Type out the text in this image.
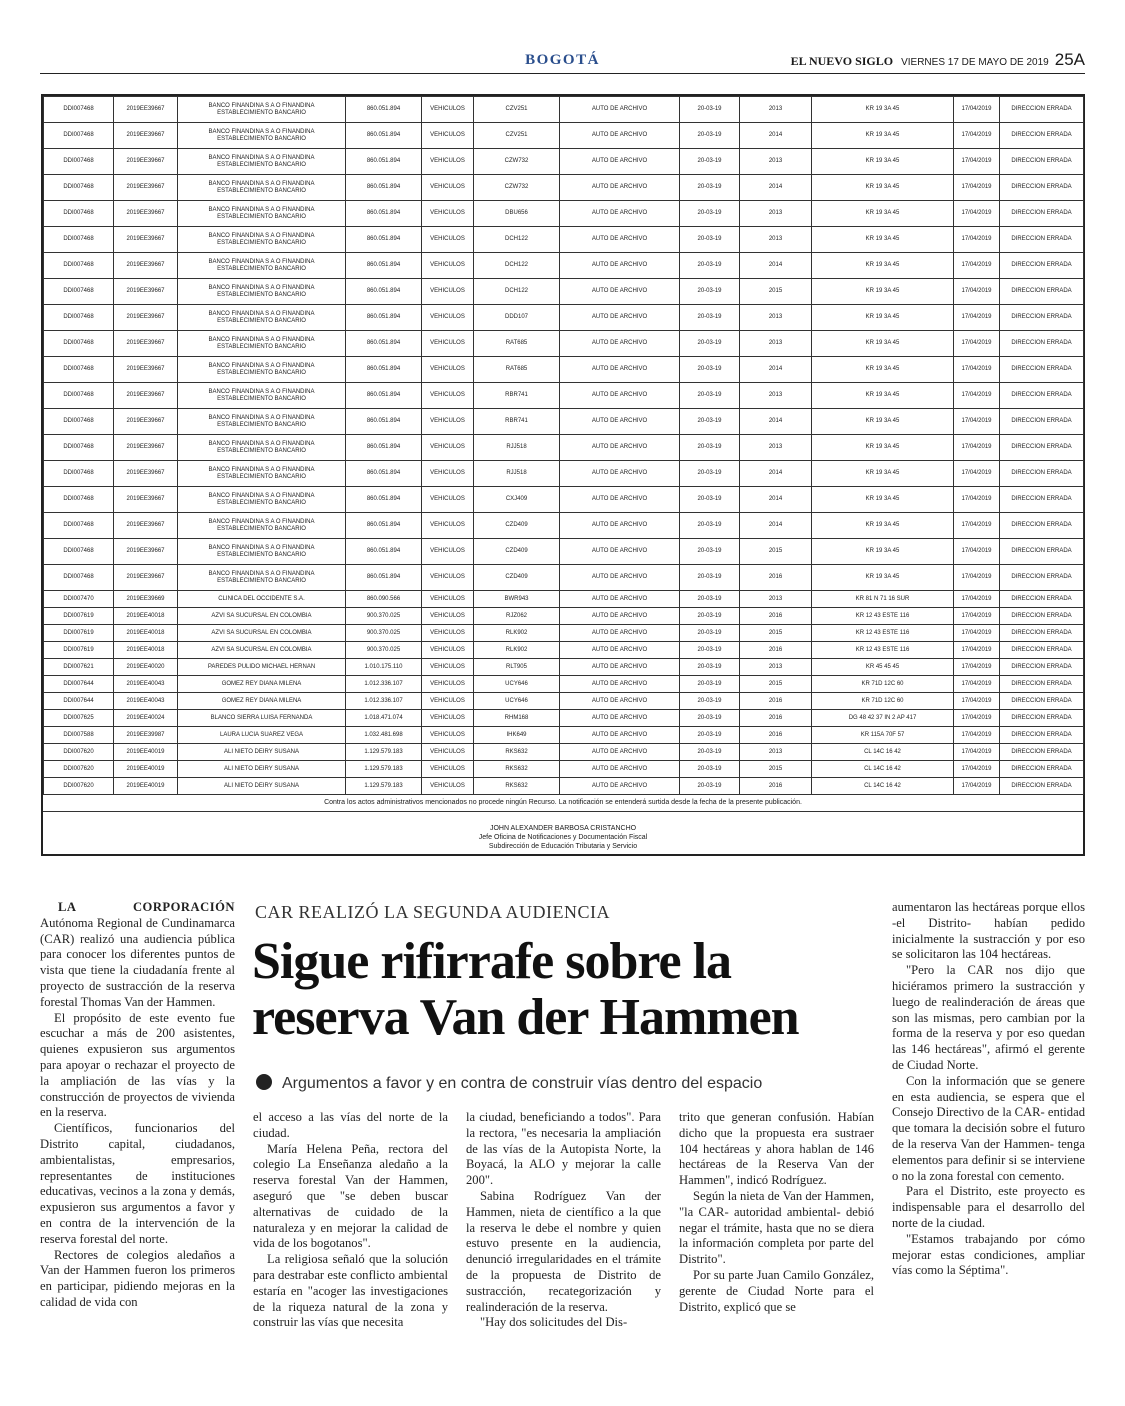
BOGOTÁ	EL NUEVO SIGLO VIERNES 17 DE MAYO DE 2019 25A
DDI007468	2019EE39667	BANCO FINANDINA S A O FINANDINA ESTABLECIMIENTO BANCARIO	860.051.894	VEHICULOS	CZV251	AUTO DE ARCHIVO	20-03-19	2013	KR 19 3A 45	17/04/2019	DIRECCION ERRADA
DDI007468	2019EE39667	BANCO FINANDINA S A O FINANDINA ESTABLECIMIENTO BANCARIO	860.051.894	VEHICULOS	CZV251	AUTO DE ARCHIVO	20-03-19	2014	KR 19 3A 45	17/04/2019	DIRECCION ERRADA
DDI007468	2019EE39667	BANCO FINANDINA S A O FINANDINA ESTABLECIMIENTO BANCARIO	860.051.894	VEHICULOS	CZW732	AUTO DE ARCHIVO	20-03-19	2013	KR 19 3A 45	17/04/2019	DIRECCION ERRADA
DDI007468	2019EE39667	BANCO FINANDINA S A O FINANDINA ESTABLECIMIENTO BANCARIO	860.051.894	VEHICULOS	CZW732	AUTO DE ARCHIVO	20-03-19	2014	KR 19 3A 45	17/04/2019	DIRECCION ERRADA
DDI007468	2019EE39667	BANCO FINANDINA S A O FINANDINA ESTABLECIMIENTO BANCARIO	860.051.894	VEHICULOS	DBU656	AUTO DE ARCHIVO	20-03-19	2013	KR 19 3A 45	17/04/2019	DIRECCION ERRADA
DDI007468	2019EE39667	BANCO FINANDINA S A O FINANDINA ESTABLECIMIENTO BANCARIO	860.051.894	VEHICULOS	DCH122	AUTO DE ARCHIVO	20-03-19	2013	KR 19 3A 45	17/04/2019	DIRECCION ERRADA
DDI007468	2019EE39667	BANCO FINANDINA S A O FINANDINA ESTABLECIMIENTO BANCARIO	860.051.894	VEHICULOS	DCH122	AUTO DE ARCHIVO	20-03-19	2014	KR 19 3A 45	17/04/2019	DIRECCION ERRADA
DDI007468	2019EE39667	BANCO FINANDINA S A O FINANDINA ESTABLECIMIENTO BANCARIO	860.051.894	VEHICULOS	DCH122	AUTO DE ARCHIVO	20-03-19	2015	KR 19 3A 45	17/04/2019	DIRECCION ERRADA
DDI007468	2019EE39667	BANCO FINANDINA S A O FINANDINA ESTABLECIMIENTO BANCARIO	860.051.894	VEHICULOS	DDD107	AUTO DE ARCHIVO	20-03-19	2013	KR 19 3A 45	17/04/2019	DIRECCION ERRADA
DDI007468	2019EE39667	BANCO FINANDINA S A O FINANDINA ESTABLECIMIENTO BANCARIO	860.051.894	VEHICULOS	RAT685	AUTO DE ARCHIVO	20-03-19	2013	KR 19 3A 45	17/04/2019	DIRECCION ERRADA
DDI007468	2019EE39667	BANCO FINANDINA S A O FINANDINA ESTABLECIMIENTO BANCARIO	860.051.894	VEHICULOS	RAT685	AUTO DE ARCHIVO	20-03-19	2014	KR 19 3A 45	17/04/2019	DIRECCION ERRADA
DDI007468	2019EE39667	BANCO FINANDINA S A O FINANDINA ESTABLECIMIENTO BANCARIO	860.051.894	VEHICULOS	RBR741	AUTO DE ARCHIVO	20-03-19	2013	KR 19 3A 45	17/04/2019	DIRECCION ERRADA
DDI007468	2019EE39667	BANCO FINANDINA S A O FINANDINA ESTABLECIMIENTO BANCARIO	860.051.894	VEHICULOS	RBR741	AUTO DE ARCHIVO	20-03-19	2014	KR 19 3A 45	17/04/2019	DIRECCION ERRADA
DDI007468	2019EE39667	BANCO FINANDINA S A O FINANDINA ESTABLECIMIENTO BANCARIO	860.051.894	VEHICULOS	RJJ518	AUTO DE ARCHIVO	20-03-19	2013	KR 19 3A 45	17/04/2019	DIRECCION ERRADA
DDI007468	2019EE39667	BANCO FINANDINA S A O FINANDINA ESTABLECIMIENTO BANCARIO	860.051.894	VEHICULOS	RJJ518	AUTO DE ARCHIVO	20-03-19	2014	KR 19 3A 45	17/04/2019	DIRECCION ERRADA
DDI007468	2019EE39667	BANCO FINANDINA S A O FINANDINA ESTABLECIMIENTO BANCARIO	860.051.894	VEHICULOS	CXJ409	AUTO DE ARCHIVO	20-03-19	2014	KR 19 3A 45	17/04/2019	DIRECCION ERRADA
DDI007468	2019EE39667	BANCO FINANDINA S A O FINANDINA ESTABLECIMIENTO BANCARIO	860.051.894	VEHICULOS	CZD409	AUTO DE ARCHIVO	20-03-19	2014	KR 19 3A 45	17/04/2019	DIRECCION ERRADA
DDI007468	2019EE39667	BANCO FINANDINA S A O FINANDINA ESTABLECIMIENTO BANCARIO	860.051.894	VEHICULOS	CZD409	AUTO DE ARCHIVO	20-03-19	2015	KR 19 3A 45	17/04/2019	DIRECCION ERRADA
DDI007468	2019EE39667	BANCO FINANDINA S A O FINANDINA ESTABLECIMIENTO BANCARIO	860.051.894	VEHICULOS	CZD409	AUTO DE ARCHIVO	20-03-19	2016	KR 19 3A 45	17/04/2019	DIRECCION ERRADA
DDI007470	2019EE39669	CLINICA DEL OCCIDENTE S.A.	860.090.566	VEHICULOS	BWR943	AUTO DE ARCHIVO	20-03-19	2013	KR 81 N 71 16 SUR	17/04/2019	DIRECCION ERRADA
DDI007619	2019EE40018	AZVI SA SUCURSAL EN COLOMBIA	900.370.025	VEHICULOS	RJZ062	AUTO DE ARCHIVO	20-03-19	2016	KR 12 43 ESTE 116	17/04/2019	DIRECCION ERRADA
DDI007619	2019EE40018	AZVI SA SUCURSAL EN COLOMBIA	900.370.025	VEHICULOS	RLK902	AUTO DE ARCHIVO	20-03-19	2015	KR 12 43 ESTE 116	17/04/2019	DIRECCION ERRADA
DDI007619	2019EE40018	AZVI SA SUCURSAL EN COLOMBIA	900.370.025	VEHICULOS	RLK902	AUTO DE ARCHIVO	20-03-19	2016	KR 12 43 ESTE 116	17/04/2019	DIRECCION ERRADA
DDI007621	2019EE40020	PAREDES PULIDO MICHAEL HERNAN	1.010.175.110	VEHICULOS	RLT905	AUTO DE ARCHIVO	20-03-19	2013	KR 45 45 45	17/04/2019	DIRECCION ERRADA
DDI007644	2019EE40043	GOMEZ REY DIANA MILENA	1.012.336.107	VEHICULOS	UCY646	AUTO DE ARCHIVO	20-03-19	2015	KR 71D 12C 60	17/04/2019	DIRECCION ERRADA
DDI007644	2019EE40043	GOMEZ REY DIANA MILENA	1.012.336.107	VEHICULOS	UCY646	AUTO DE ARCHIVO	20-03-19	2016	KR 71D 12C 60	17/04/2019	DIRECCION ERRADA
DDI007625	2019EE40024	BLANCO SIERRA LUISA FERNANDA	1.018.471.074	VEHICULOS	RHM168	AUTO DE ARCHIVO	20-03-19	2016	DG 48 42 37 IN 2 AP 417	17/04/2019	DIRECCION ERRADA
DDI007588	2019EE39987	LAURA LUCIA SUAREZ VEGA	1.032.481.698	VEHICULOS	IHK649	AUTO DE ARCHIVO	20-03-19	2016	KR 115A 70F 57	17/04/2019	DIRECCION ERRADA
DDI007620	2019EE40019	ALI NIETO DEIRY SUSANA	1.129.579.183	VEHICULOS	RKS632	AUTO DE ARCHIVO	20-03-19	2013	CL 14C 16 42	17/04/2019	DIRECCION ERRADA
DDI007620	2019EE40019	ALI NIETO DEIRY SUSANA	1.129.579.183	VEHICULOS	RKS632	AUTO DE ARCHIVO	20-03-19	2015	CL 14C 16 42	17/04/2019	DIRECCION ERRADA
DDI007620	2019EE40019	ALI NIETO DEIRY SUSANA	1.129.579.183	VEHICULOS	RKS632	AUTO DE ARCHIVO	20-03-19	2016	CL 14C 16 42	17/04/2019	DIRECCION ERRADA
Contra los actos administrativos mencionados no procede ningún Recurso. La notificación se entenderá surtida desde la fecha de la presente publicación.
JOHN ALEXANDER BARBOSA CRISTANCHO
Jefe Oficina de Notificaciones y Documentación Fiscal
Subdirección de Educación Tributaria y Servicio
CAR REALIZÓ LA SEGUNDA AUDIENCIA
Sigue rifirrafe sobre la
reserva Van der Hammen
Argumentos a favor y en contra de construir vías dentro del espacio

LA CORPORACIÓN Autónoma Regional de Cundinamarca (CAR) realizó una audiencia pública para conocer los diferentes puntos de vista que tiene la ciudadanía frente al proyecto de sustracción de la reserva forestal Thomas Van der Hammen.

El propósito de este evento fue escuchar a más de 200 asistentes, quienes expusieron sus argumentos para apoyar o rechazar el proyecto de la ampliación de las vías y la construcción de proyectos de vivienda en la reserva.

Científicos, funcionarios del Distrito capital, ciudadanos, ambientalistas, empresarios, representantes de instituciones educativas, vecinos a la zona y demás, expusieron sus argumentos a favor y en contra de la intervención de la reserva forestal del norte.

Rectores de colegios aledaños a Van der Hammen fueron los primeros en participar, pidiendo mejoras en la calidad de vida con

el acceso a las vías del norte de la ciudad.

María Helena Peña, rectora del colegio La Enseñanza aledaño a la reserva forestal Van der Hammen, aseguró que "se deben buscar alternativas de cuidado de la naturaleza y en mejorar la calidad de vida de los bogotanos".

La religiosa señaló que la solución para destrabar este conflicto ambiental estaría en "acoger las investigaciones de la riqueza natural de la zona y construir las vías que necesita

la ciudad, beneficiando a todos". Para la rectora, "es necesaria la ampliación de las vías de la Autopista Norte, la Boyacá, la ALO y mejorar la calle 200".

Sabina Rodríguez Van der Hammen, nieta de científico a la que la reserva le debe el nombre y quien estuvo presente en la audiencia, denunció irregularidades en el trámite de la propuesta de Distrito de sustracción, recategorización y realinderación de la reserva.

"Hay dos solicitudes del Dis-

trito que generan confusión. Habían dicho que la propuesta era sustraer 104 hectáreas y ahora hablan de 146 hectáreas de la Reserva Van der Hammen", indicó Rodríguez.

Según la nieta de Van der Hammen, "la CAR- autoridad ambiental- debió negar el trámite, hasta que no se diera la información completa por parte del Distrito".

Por su parte Juan Camilo González, gerente de Ciudad Norte para el Distrito, explicó que se

aumentaron las hectáreas porque ellos -el Distrito- habían pedido inicialmente la sustracción y por eso se solicitaron las 104 hectáreas.

"Pero la CAR nos dijo que hiciéramos primero la sustracción y luego de realinderación de áreas que son las mismas, pero cambian por la forma de la reserva y por eso quedan las 146 hectáreas", afirmó el gerente de Ciudad Norte.

Con la información que se genere en esta audiencia, se espera que el Consejo Directivo de la CAR- entidad que tomara la decisión sobre el futuro de la reserva Van der Hammen- tenga elementos para definir si se interviene o no la zona forestal con cemento.

Para el Distrito, este proyecto es indispensable para el desarrollo del norte de la ciudad.

"Estamos trabajando por cómo mejorar estas condiciones, ampliar vías como la Séptima".
